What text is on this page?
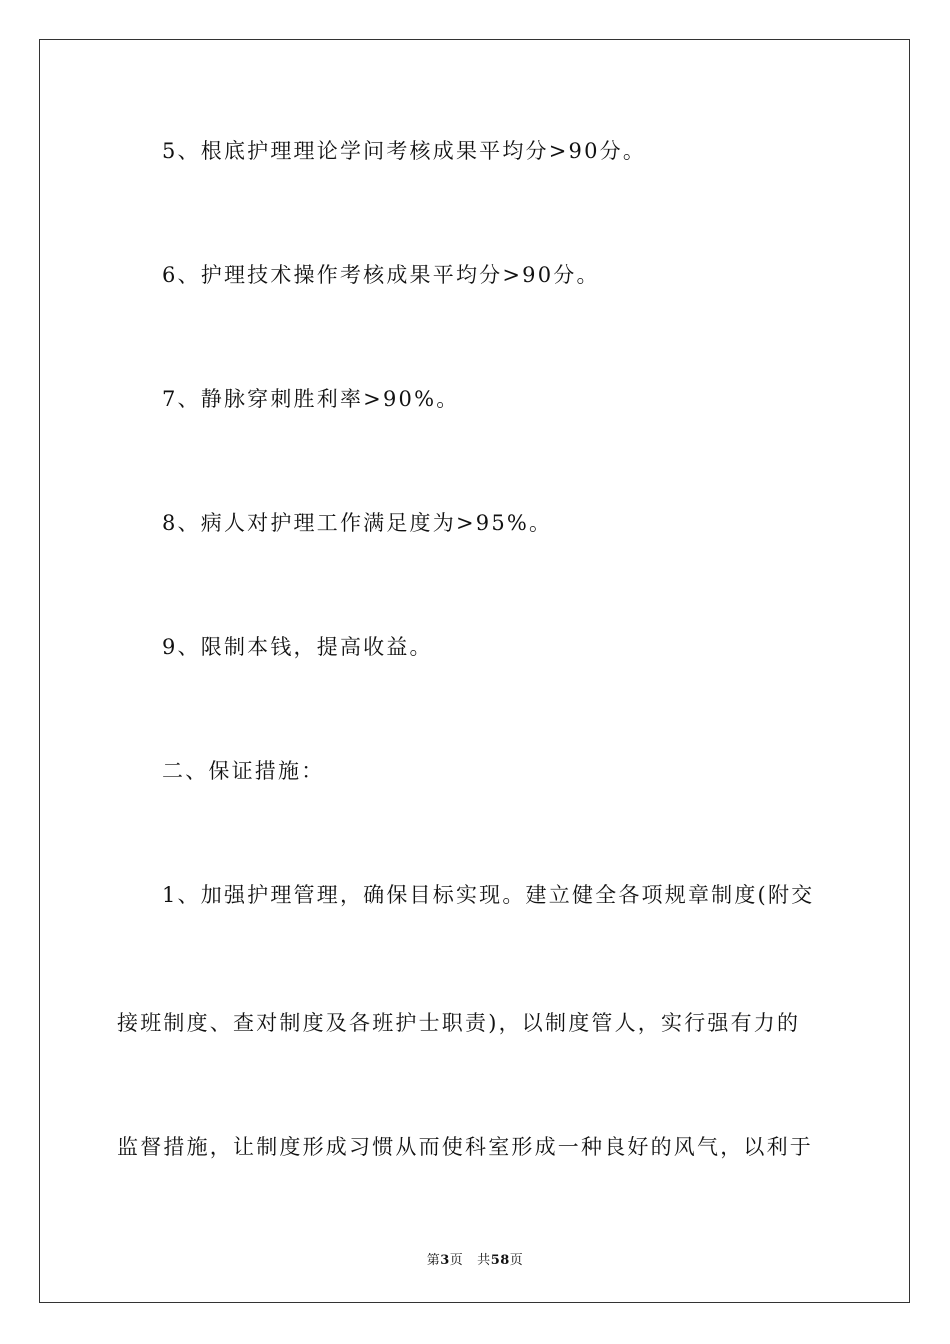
5、根底护理理论学问考核成果平均分>90分。
6、护理技术操作考核成果平均分>90分。
7、静脉穿刺胜利率>90%。
8、病人对护理工作满足度为>95%。
9、限制本钱，提高收益。
二、保证措施：
1、加强护理管理，确保目标实现。建立健全各项规章制度(附交
接班制度、查对制度及各班护士职责)，以制度管人，实行强有力的
监督措施，让制度形成习惯从而使科室形成一种良好的风气，以利于
第3页 共58页
